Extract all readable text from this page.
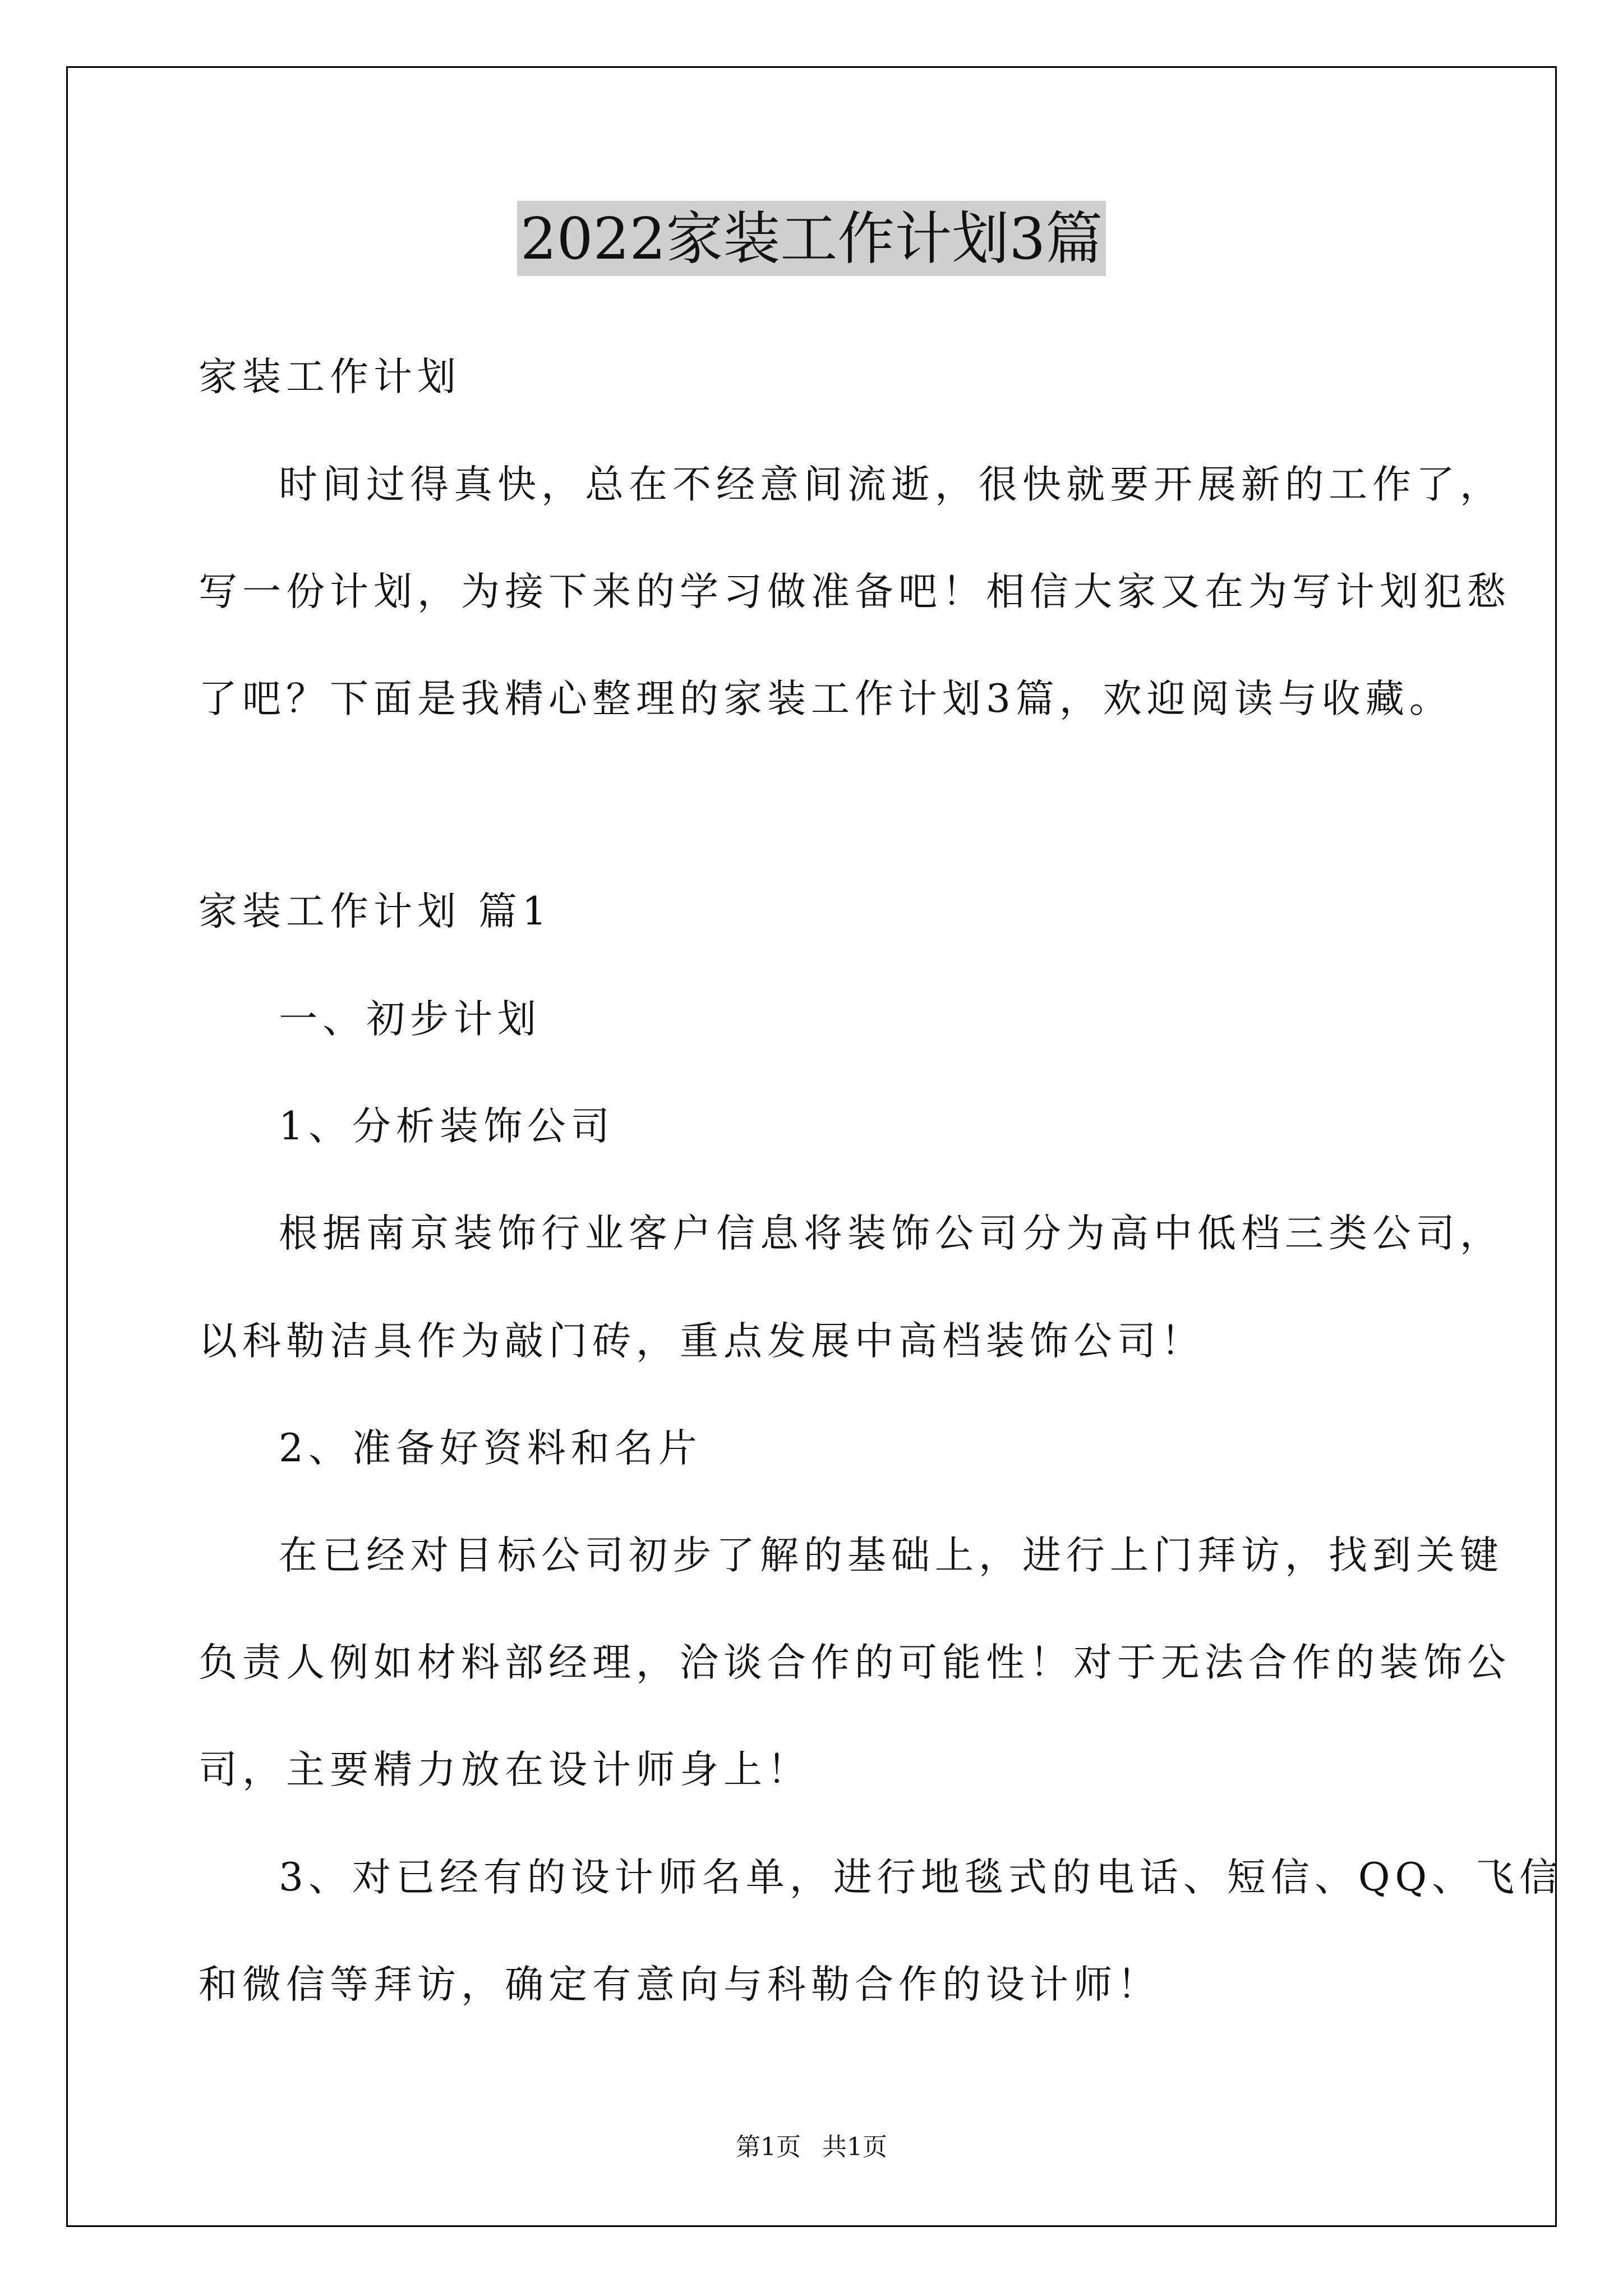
2022家装工作计划3篇
家装工作计划
时间过得真快，总在不经意间流逝，很快就要开展新的工作了，
写一份计划，为接下来的学习做准备吧！相信大家又在为写计划犯愁
了吧？下面是我精心整理的家装工作计划3篇，欢迎阅读与收藏。
家装工作计划 篇1
一、初步计划
1、分析装饰公司
根据南京装饰行业客户信息将装饰公司分为高中低档三类公司，
以科勒洁具作为敲门砖，重点发展中高档装饰公司！
2、准备好资料和名片
在已经对目标公司初步了解的基础上，进行上门拜访，找到关键
负责人例如材料部经理，洽谈合作的可能性！对于无法合作的装饰公
司，主要精力放在设计师身上！
3、对已经有的设计师名单，进行地毯式的电话、短信、QQ、飞信
和微信等拜访，确定有意向与科勒合作的设计师！
第1页 共1页
